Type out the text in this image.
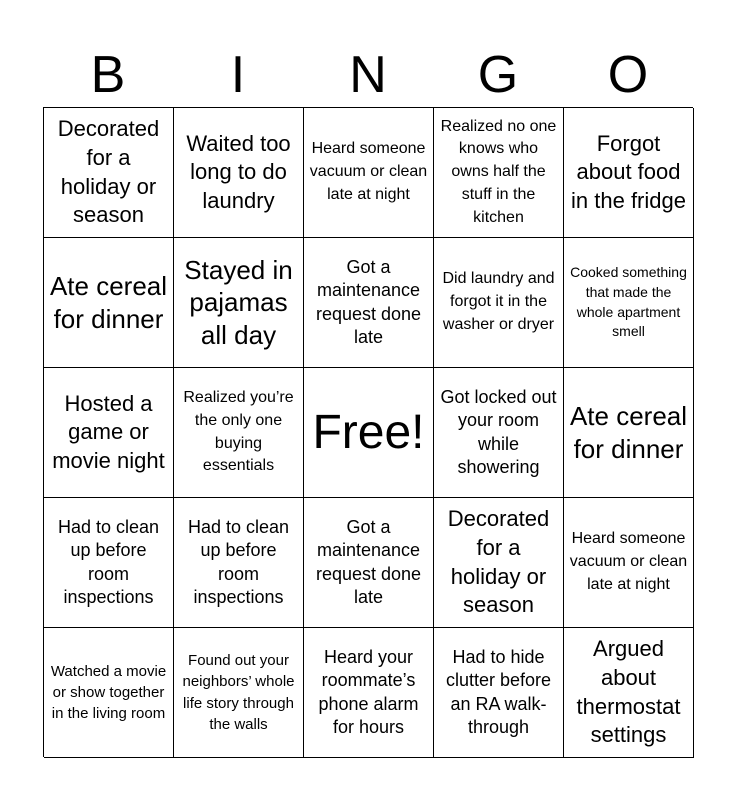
B	I	N	G	O
Decorated for a holiday or season
Waited too long to do laundry
Heard someone vacuum or clean late at night
Realized no one knows who owns half the stuff in the kitchen
Forgot about food in the fridge
Ate cereal for dinner
Stayed in pajamas all day
Got a maintenance request done late
Did laundry and forgot it in the washer or dryer
Cooked something that made the whole apartment smell
Hosted a game or movie night
Realized you’re the only one buying essentials
Free!
Got locked out your room while showering
Ate cereal for dinner
Had to clean up before room inspections
Had to clean up before room inspections
Got a maintenance request done late
Decorated for a holiday or season
Heard someone vacuum or clean late at night
Watched a movie or show together in the living room
Found out your neighbors’ whole life story through the walls
Heard your roommate’s phone alarm for hours
Had to hide clutter before an RA walk-through
Argued about thermostat settings
